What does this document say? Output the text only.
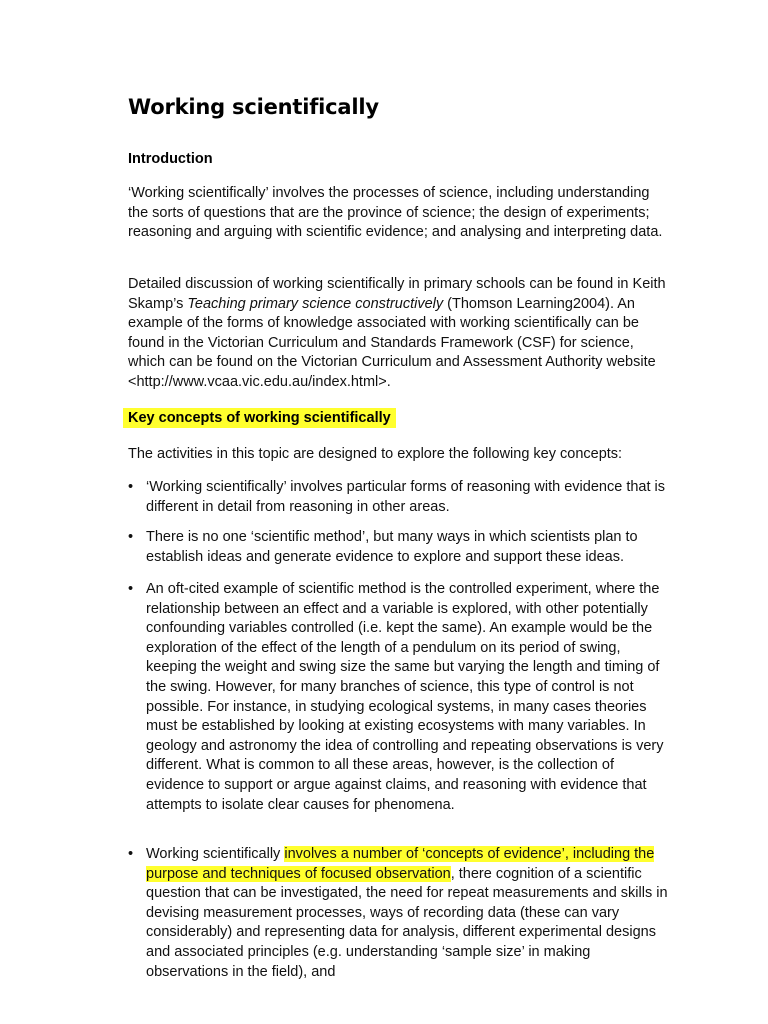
Working scientifically
Introduction

‘Working scientifically’ involves the processes of science, including understanding the sorts of questions that are the province of science; the design of experiments; reasoning and arguing with scientific evidence; and analysing and interpreting data.

Detailed discussion of working scientifically in primary schools can be found in Keith Skamp’s Teaching primary science constructively (Thomson Learning2004). An example of the forms of knowledge associated with working scientifically can be found in the Victorian Curriculum and Standards Framework (CSF) for science, which can be found on the Victorian Curriculum and Assessment Authority website <http://www.vcaa.vic.edu.au/index.html>.

Key concepts of working scientifically

The activities in this topic are designed to explore the following key concepts:

• ‘Working scientifically’ involves particular forms of reasoning with evidence that is different in detail from reasoning in other areas.
• There is no one ‘scientific method’, but many ways in which scientists plan to establish ideas and generate evidence to explore and support these ideas.
• An oft-cited example of scientific method is the controlled experiment, where the relationship between an effect and a variable is explored, with other potentially confounding variables controlled (i.e. kept the same). An example would be the exploration of the effect of the length of a pendulum on its period of swing, keeping the weight and swing size the same but varying the length and timing of the swing. However, for many branches of science, this type of control is not possible. For instance, in studying ecological systems, in many cases theories must be established by looking at existing ecosystems with many variables. In geology and astronomy the idea of controlling and repeating observations is very different. What is common to all these areas, however, is the collection of evidence to support or argue against claims, and reasoning with evidence that attempts to isolate clear causes for phenomena.
• Working scientifically involves a number of ‘concepts of evidence’, including the purpose and techniques of focused observation, there cognition of a scientific question that can be investigated, the need for repeat measurements and skills in devising measurement processes, ways of recording data (these can vary considerably) and representing data for analysis, different experimental designs and associated principles (e.g. understanding ‘sample size’ in making observations in the field), and
